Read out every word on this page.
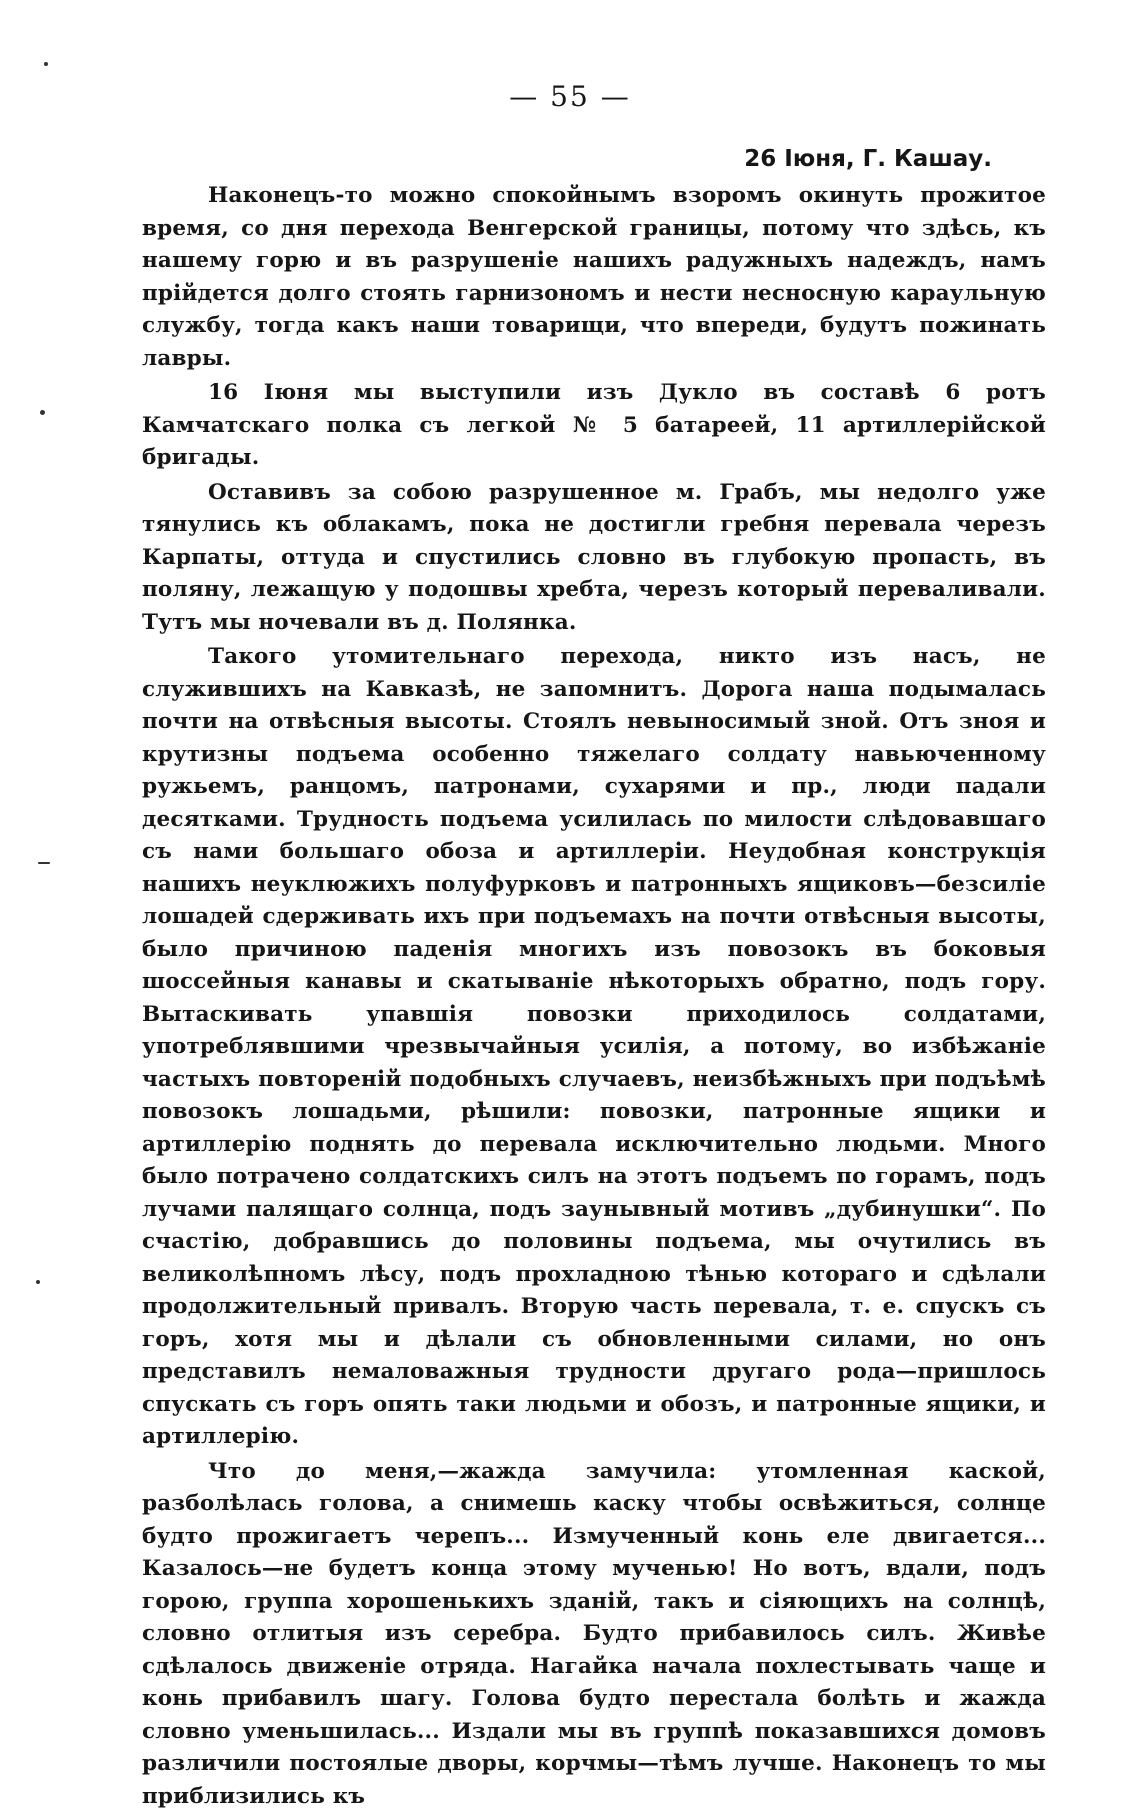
— 55 —
26 Іюня, Г. Кашау.

Наконецъ-то можно спокойнымъ взоромъ окинуть прожитое время, со дня перехода Венгерской границы, потому что здѣсь, къ нашему горю и въ разрушеніе нашихъ радужныхъ надеждъ, намъ прійдется долго стоять гарнизономъ и нести несносную караульную службу, тогда какъ наши товарищи, что впереди, будутъ пожинать лавры.

16 Іюня мы выступили изъ Дукло въ составѣ 6 ротъ Камчатскаго полка съ легкой № 5 батареей, 11 артиллерійской бригады.

Оставивъ за собою разрушенное м. Грабъ, мы недолго уже тянулись къ облакамъ, пока не достигли гребня перевала черезъ Карпаты, оттуда и спустились словно въ глубокую пропасть, въ поляну, лежащую у подошвы хребта, черезъ который переваливали. Тутъ мы ночевали въ д. Полянка.

Такого утомительнаго перехода, никто изъ насъ, не служившихъ на Кавказѣ, не запомнитъ. Дорога наша подымалась почти на отвѣсныя высоты. Стоялъ невыносимый зной. Отъ зноя и крутизны подъема особенно тяжелаго солдату навьюченному ружьемъ, ранцомъ, патронами, сухарями и пр., люди падали десятками. Трудность подъема усилилась по милости слѣдовавшаго съ нами большаго обоза и артиллеріи. Неудобная конструкція нашихъ неуклюжихъ полуфурковъ и патронныхъ ящиковъ—безсиліе лошадей сдерживать ихъ при подъемахъ на почти отвѣсныя высоты, было причиною паденія многихъ изъ повозокъ въ боковыя шоссейныя канавы и скатываніе нѣкоторыхъ обратно, подъ гору. Вытаскивать упавшія повозки приходилось солдатами, употреблявшими чрезвычайныя усилія, а потому, во избѣжаніе частыхъ повтореній подобныхъ случаевъ, неизбѣжныхъ при подъѣмѣ повозокъ лошадьми, рѣшили: повозки, патронные ящики и артиллерію поднять до перевала исключительно людьми. Много было потрачено солдатскихъ силъ на этотъ подъемъ по горамъ, подъ лучами палящаго солнца, подъ заунывный мотивъ „дубинушки“. По счастію, добравшись до половины подъема, мы очутились въ великолѣпномъ лѣсу, подъ прохладною тѣнью котораго и сдѣлали продолжительный привалъ. Вторую часть перевала, т. е. спускъ съ горъ, хотя мы и дѣлали съ обновленными силами, но онъ представилъ немаловажныя трудности другаго рода—пришлось спускать съ горъ опять таки людьми и обозъ, и патронные ящики, и артиллерію.

Что до меня,—жажда замучила: утомленная каской, разболѣлась голова, а снимешь каску чтобы освѣжиться, солнце будто прожигаетъ черепъ... Измученный конь еле двигается... Казалось—не будетъ конца этому мученью! Но вотъ, вдали, подъ горою, группа хорошенькихъ зданій, такъ и сіяющихъ на солнцѣ, словно отлитыя изъ серебра. Будто прибавилось силъ. Живѣе сдѣлалось движеніе отряда. Нагайка начала похлестывать чаще и конь прибавилъ шагу. Голова будто перестала болѣть и жажда словно уменьшилась... Издали мы въ группѣ показавшихся домовъ различили постоялые дворы, корчмы—тѣмъ лучше. Наконецъ то мы приблизились къ
